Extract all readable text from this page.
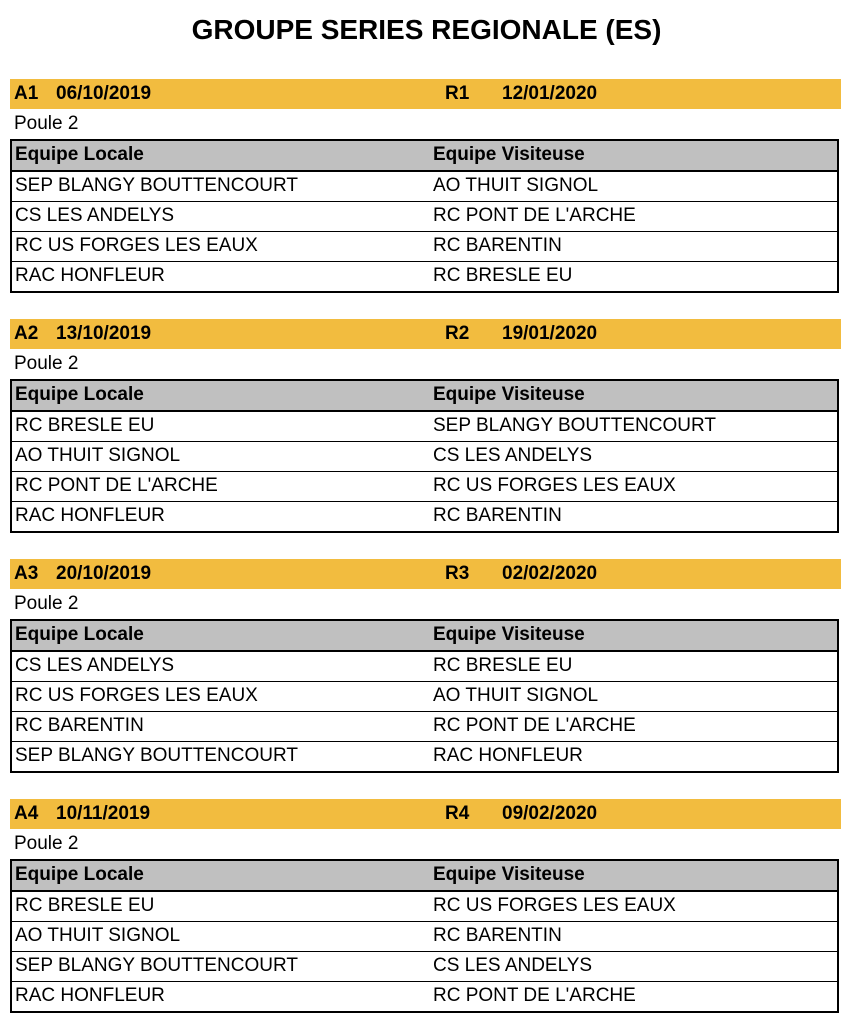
GROUPE SERIES REGIONALE (ES)
A1 06/10/2019	R1 12/01/2020
Poule 2
Equipe Locale	Equipe Visiteuse
SEP BLANGY BOUTTENCOURT	AO THUIT SIGNOL
CS LES ANDELYS	RC PONT DE L'ARCHE
RC US FORGES LES EAUX	RC BARENTIN
RAC HONFLEUR	RC BRESLE EU
A2 13/10/2019	R2 19/01/2020
Poule 2
Equipe Locale	Equipe Visiteuse
RC BRESLE EU	SEP BLANGY BOUTTENCOURT
AO THUIT SIGNOL	CS LES ANDELYS
RC PONT DE L'ARCHE	RC US FORGES LES EAUX
RAC HONFLEUR	RC BARENTIN
A3 20/10/2019	R3 02/02/2020
Poule 2
Equipe Locale	Equipe Visiteuse
CS LES ANDELYS	RC BRESLE EU
RC US FORGES LES EAUX	AO THUIT SIGNOL
RC BARENTIN	RC PONT DE L'ARCHE
SEP BLANGY BOUTTENCOURT	RAC HONFLEUR
A4 10/11/2019	R4 09/02/2020
Poule 2
Equipe Locale	Equipe Visiteuse
RC BRESLE EU	RC US FORGES LES EAUX
AO THUIT SIGNOL	RC BARENTIN
SEP BLANGY BOUTTENCOURT	CS LES ANDELYS
RAC HONFLEUR	RC PONT DE L'ARCHE
